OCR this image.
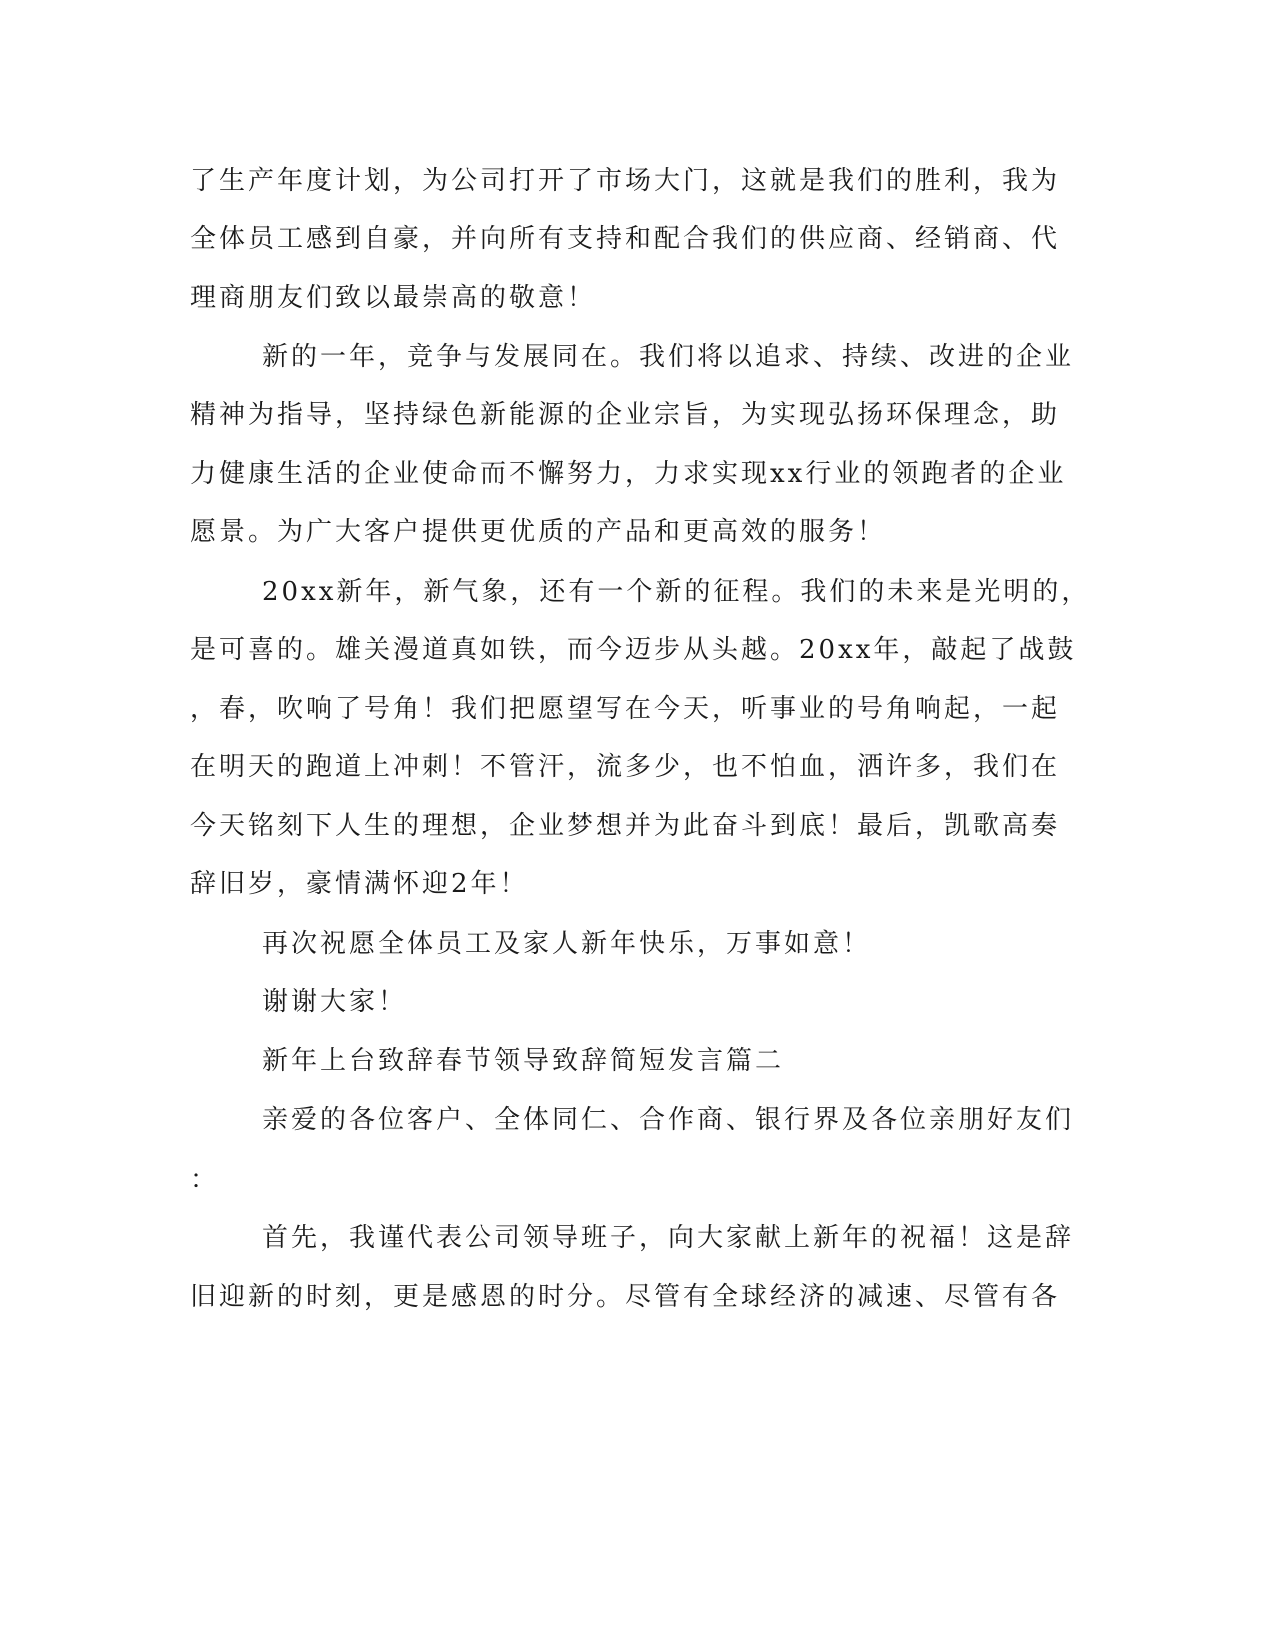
了生产年度计划，为公司打开了市场大门，这就是我们的胜利，我为

全体员工感到自豪，并向所有支持和配合我们的供应商、经销商、代

理商朋友们致以最崇高的敬意！

新的一年，竞争与发展同在。我们将以追求、持续、改进的企业

精神为指导，坚持绿色新能源的企业宗旨，为实现弘扬环保理念，助

力健康生活的企业使命而不懈努力，力求实现xx行业的领跑者的企业

愿景。为广大客户提供更优质的产品和更高效的服务！

20xx新年，新气象，还有一个新的征程。我们的未来是光明的，

是可喜的。雄关漫道真如铁，而今迈步从头越。20xx年，敲起了战鼓

，春，吹响了号角！我们把愿望写在今天，听事业的号角响起，一起

在明天的跑道上冲刺！不管汗，流多少，也不怕血，洒许多，我们在

今天铭刻下人生的理想，企业梦想并为此奋斗到底！最后，凯歌高奏

辞旧岁，豪情满怀迎2年！

再次祝愿全体员工及家人新年快乐，万事如意！

谢谢大家！

新年上台致辞春节领导致辞简短发言篇二

亲爱的各位客户、全体同仁、合作商、银行界及各位亲朋好友们

：

首先，我谨代表公司领导班子，向大家献上新年的祝福！这是辞

旧迎新的时刻，更是感恩的时分。尽管有全球经济的减速、尽管有各
